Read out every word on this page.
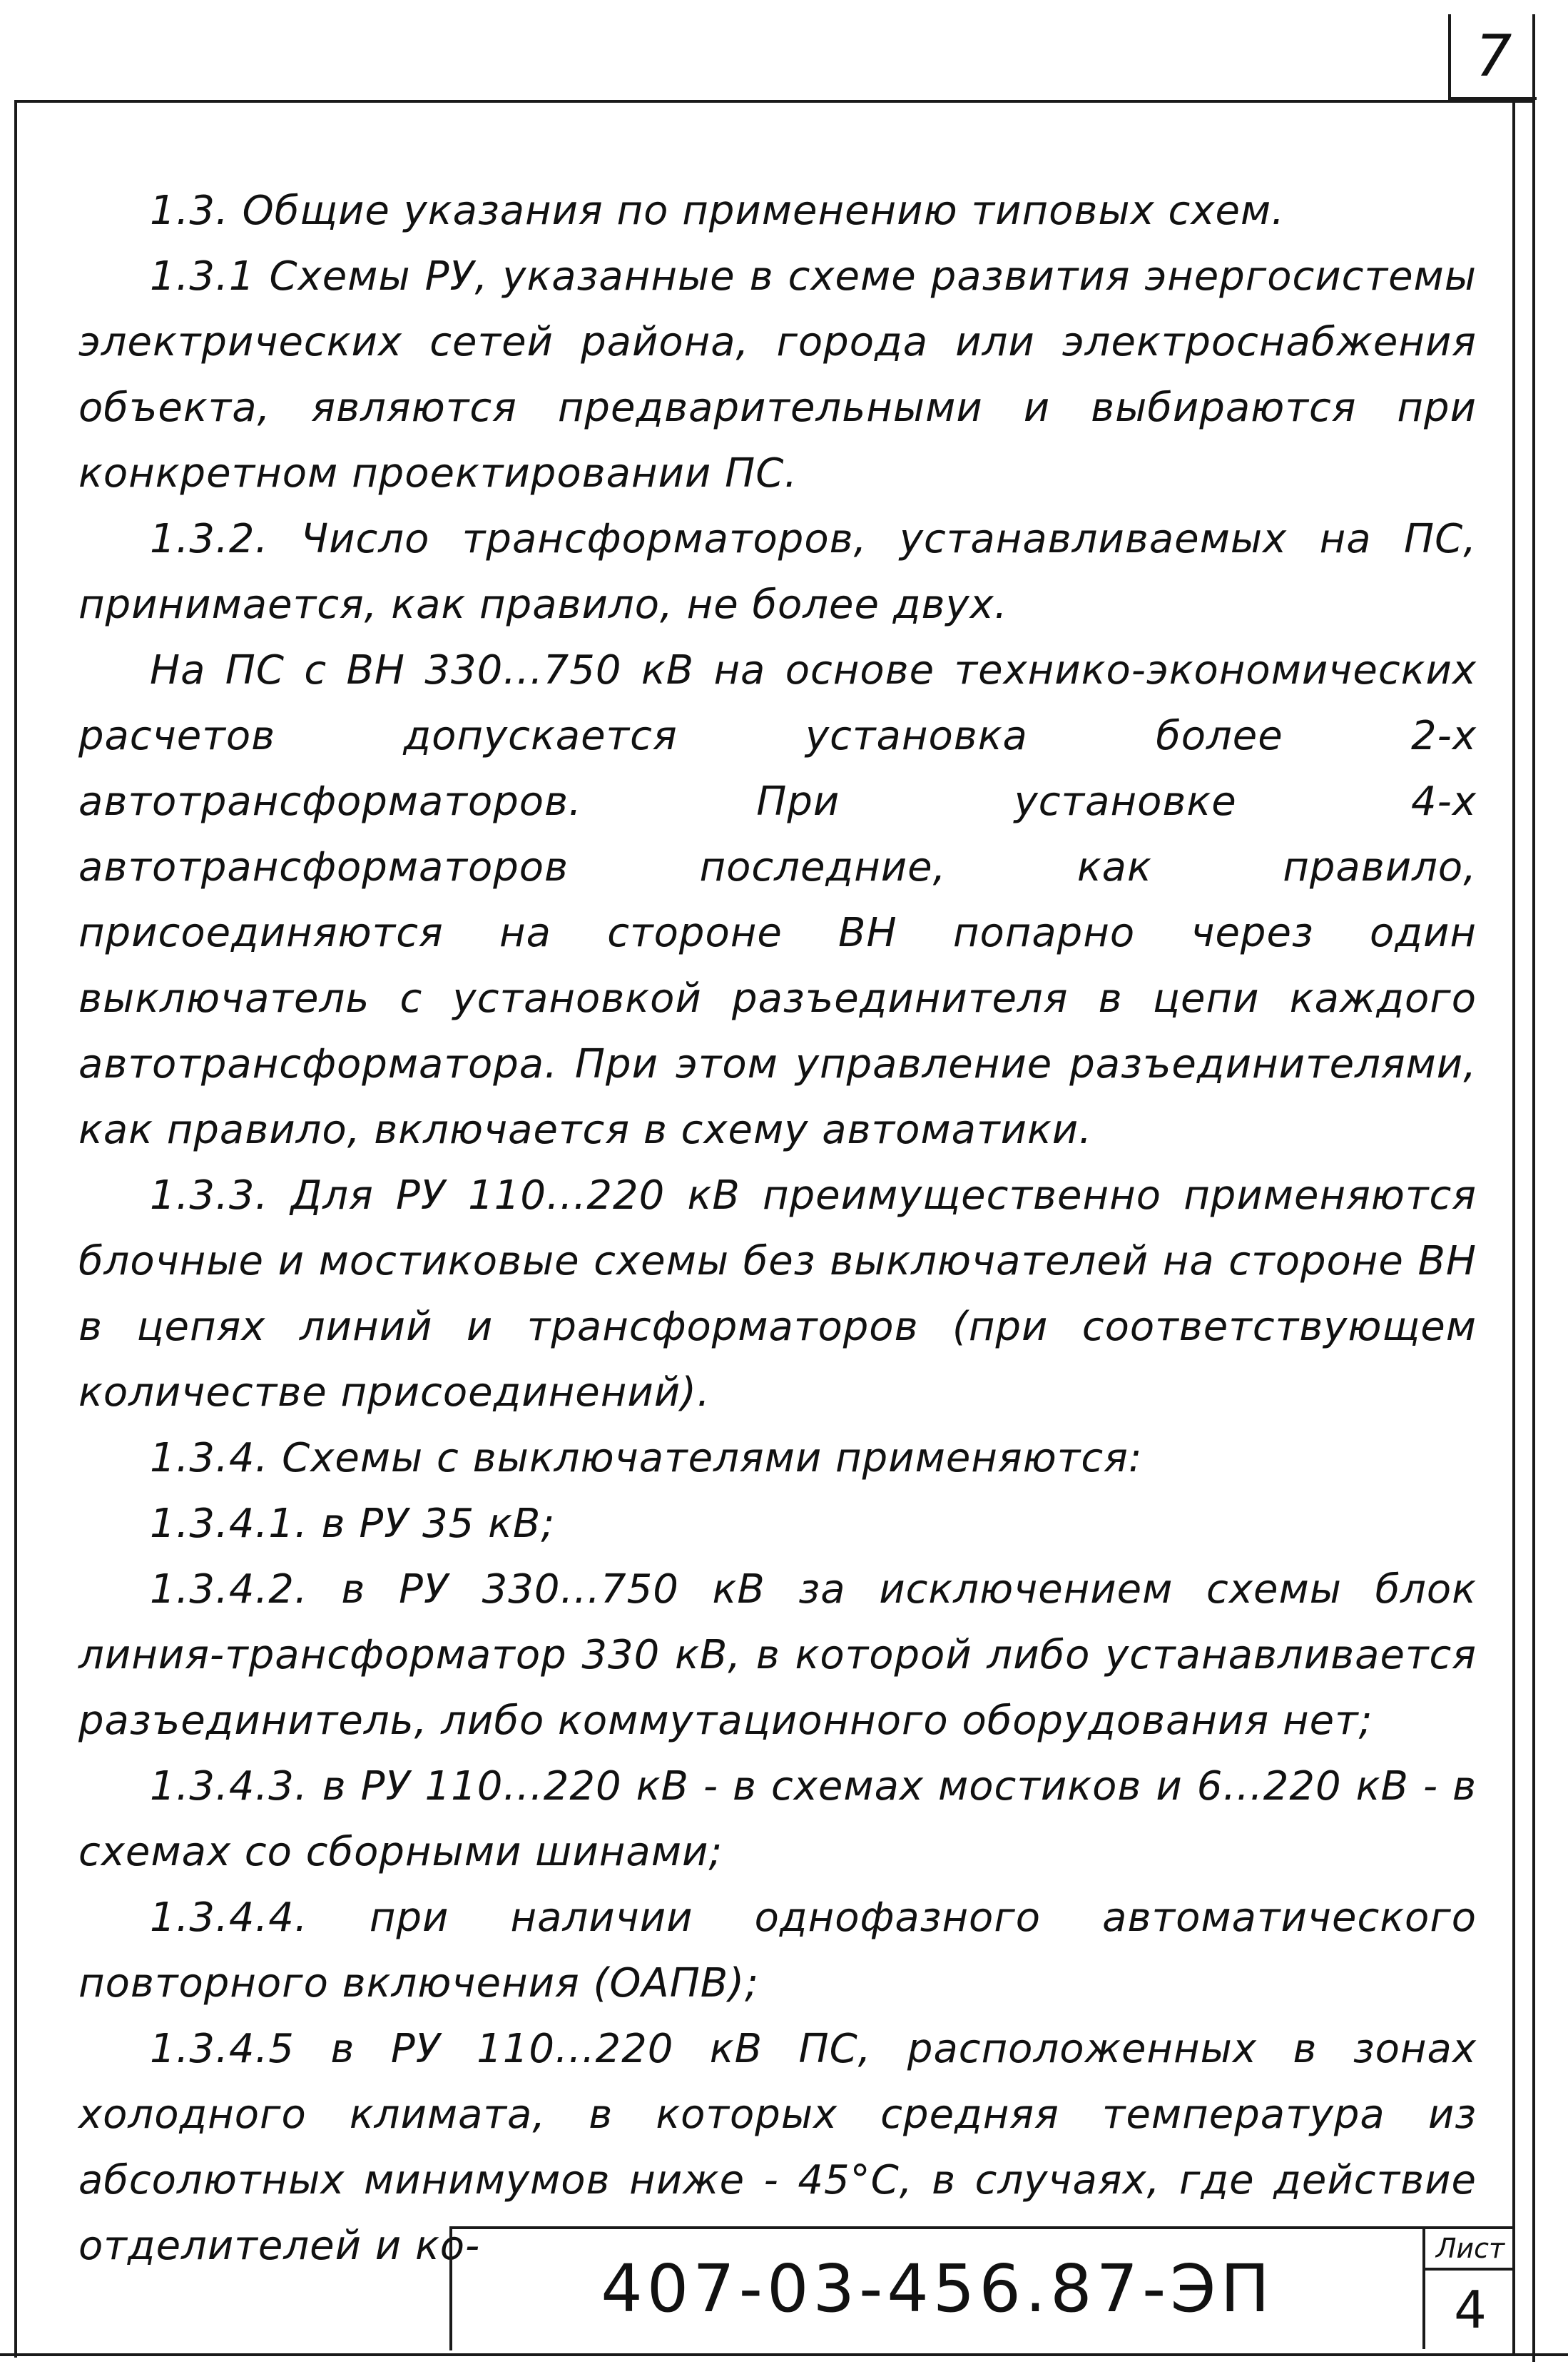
7

1.3. Общие указания по применению типовых схем.

1.3.1 Схемы РУ, указанные в схеме развития энергосистемы электрических сетей района, города или электроснабжения объекта, являются предварительными и выбираются при конкретном проектировании ПС.

1.3.2. Число трансформаторов, устанавливаемых на ПС, принимается, как правило, не более двух.

На ПС с ВН 330...750 кВ на основе технико-экономических расчетов допускается установка более 2-х автотрансформаторов. При установке 4-х автотрансформаторов последние, как правило, присоединяются на стороне ВН попарно через один выключатель с установкой разъединителя в цепи каждого автотрансформатора. При этом управление разъединителями, как правило, включается в схему автоматики.

1.3.3. Для РУ 110...220 кВ преимущественно применяются блочные и мостиковые схемы без выключателей на стороне ВН в цепях линий и трансформаторов (при соответствующем количестве присоединений).

1.3.4. Схемы с выключателями применяются:

1.3.4.1. в РУ 35 кВ;

1.3.4.2. в РУ 330...750 кВ за исключением схемы блок линия-трансформатор 330 кВ, в которой либо устанавливается разъединитель, либо коммутационного оборудования нет;

1.3.4.3. в РУ 110...220 кВ - в схемах мостиков и 6...220 кВ - в схемах со сборными шинами;

1.3.4.4. при наличии однофазного автоматического повторного включения (ОАПВ);

1.3.4.5 в РУ 110...220 кВ ПС, расположенных в зонах холодного климата, в которых средняя температура из абсолютных минимумов ниже - 45°С, в случаях, где действие отделителей и ко-

407-03-456.87-ЭП
Лист
4
